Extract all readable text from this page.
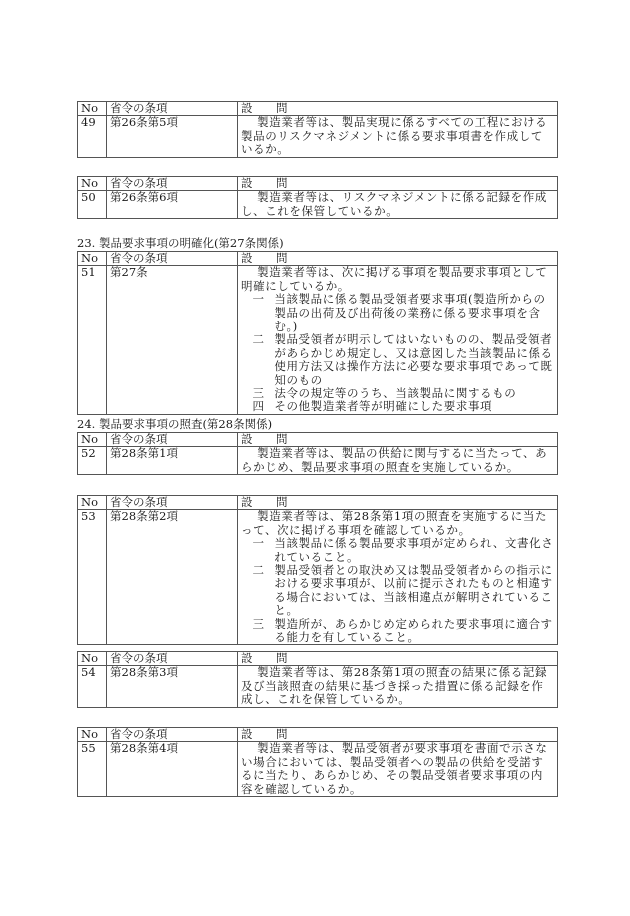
No	省令の条項	設　問
49	第26条第5項	製造業者等は、製品実現に係るすべての工程における製品のリスクマネジメントに係る要求事項書を作成しているか。
No	省令の条項	設　問
50	第26条第6項	製造業者等は、リスクマネジメントに係る記録を作成し、これを保管しているか。
23. 製品要求事項の明確化(第27条関係)
No	省令の条項	設　問
51	第27条	製造業者等は、次に掲げる事項を製品要求事項として明確にしているか。
一 当該製品に係る製品受領者要求事項(製造所からの製品の出荷及び出荷後の業務に係る要求事項を含む。)
二 製品受領者が明示してはいないものの、製品受領者があらかじめ規定し、又は意図した当該製品に係る使用方法又は操作方法に必要な要求事項であって既知のもの
三 法令の規定等のうち、当該製品に関するもの
四 その他製造業者等が明確にした要求事項
24. 製品要求事項の照査(第28条関係)
No	省令の条項	設　問
52	第28条第1項	製造業者等は、製品の供給に関与するに当たって、あらかじめ、製品要求事項の照査を実施しているか。
No	省令の条項	設　問
53	第28条第2項	製造業者等は、第28条第1項の照査を実施するに当たって、次に掲げる事項を確認しているか。
一 当該製品に係る製品要求事項が定められ、文書化されていること。
二 製品受領者との取決め又は製品受領者からの指示における要求事項が、以前に提示されたものと相違する場合においては、当該相違点が解明されていること。
三 製造所が、あらかじめ定められた要求事項に適合する能力を有していること。
No	省令の条項	設　問
54	第28条第3項	製造業者等は、第28条第1項の照査の結果に係る記録及び当該照査の結果に基づき採った措置に係る記録を作成し、これを保管しているか。
No	省令の条項	設　問
55	第28条第4項	製造業者等は、製品受領者が要求事項を書面で示さない場合においては、製品受領者への製品の供給を受諾するに当たり、あらかじめ、その製品受領者要求事項の内容を確認しているか。
